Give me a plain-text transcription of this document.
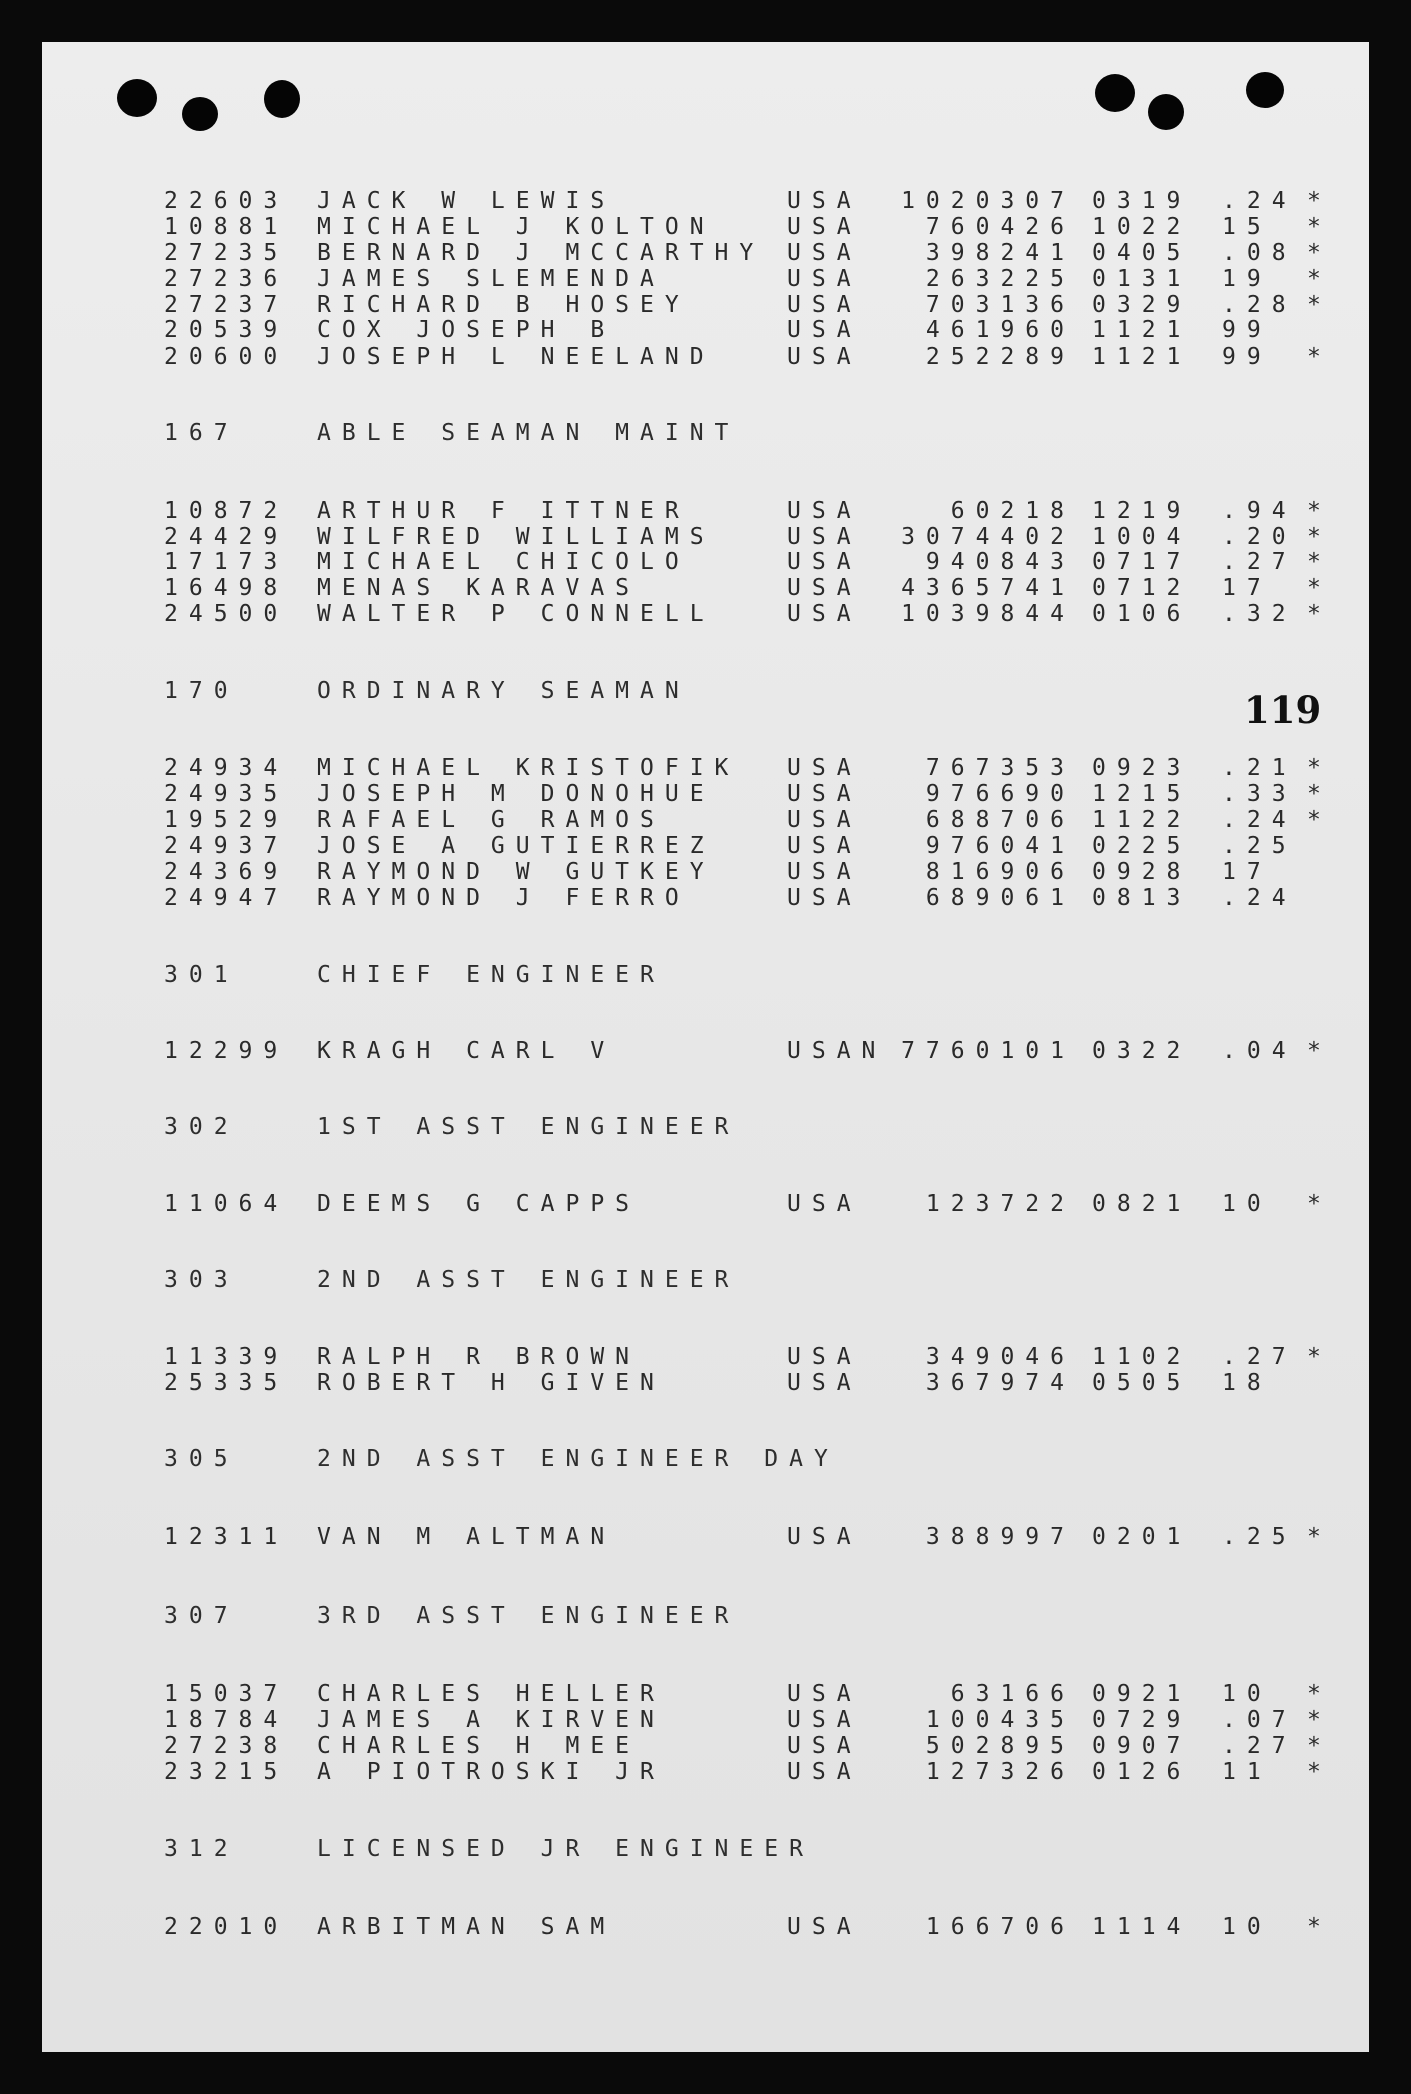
119
22603 JACK W LEWIS	USA	1020307 0319 .24 *
10881 MICHAEL J KOLTON	USA	760426 1022 15 *
27235 BERNARD J MCCARTHY USA	398241 0405 .08 *
27236 JAMES SLEMENDA	USA	263225 0131 19 *
27237 RICHARD B HOSEY	USA	703136 0329 .28 *
20539 COX JOSEPH B	USA	461960 1121 99
20600 JOSEPH L NEELAND	USA	252289 1121 99 *
167	ABLE SEAMAN MAINT
10872 ARTHUR F ITTNER	USA	60218 1219 .94 *
24429 WILFRED WILLIAMS	USA	3074402 1004 .20 *
17173 MICHAEL CHICOLO	USA	940843 0717 .27 *
16498 MENAS KARAVAS	USA	4365741 0712 17 *
24500 WALTER P CONNELL	USA	1039844 0106 .32 *
170	ORDINARY SEAMAN
24934 MICHAEL KRISTOFIK USA	767353 0923 .21 *
24935 JOSEPH M DONOHUE	USA	976690 1215 .33 *
19529 RAFAEL G RAMOS	USA	688706 1122 .24 *
24937 JOSE A GUTIERREZ	USA	976041 0225 .25
24369 RAYMOND W GUTKEY	USA	816906 0928 17
24947 RAYMOND J FERRO	USA	689061 0813 .24
301	CHIEF ENGINEER
12299 KRAGH CARL V	USAN 7760101 0322 .04 *
302	1ST ASST ENGINEER
11064 DEEMS G CAPPS	USA	123722 0821 10 *
303	2ND ASST ENGINEER
11339 RALPH R BROWN	USA	349046 1102 .27 *
25335 ROBERT H GIVEN	USA	367974 0505 18
305	2ND ASST ENGINEER DAY
12311 VAN M ALTMAN	USA	388997 0201 .25 *
307	3RD ASST ENGINEER
15037 CHARLES HELLER	USA	63166 0921 10 *
18784 JAMES A KIRVEN	USA	100435 0729 .07 *
27238 CHARLES H MEE	USA	502895 0907 .27 *
23215 A PIOTROSKI JR	USA	127326 0126 11 *
312	LICENSED JR ENGINEER
22010 ARBITMAN SAM	USA	166706 1114 10 *
